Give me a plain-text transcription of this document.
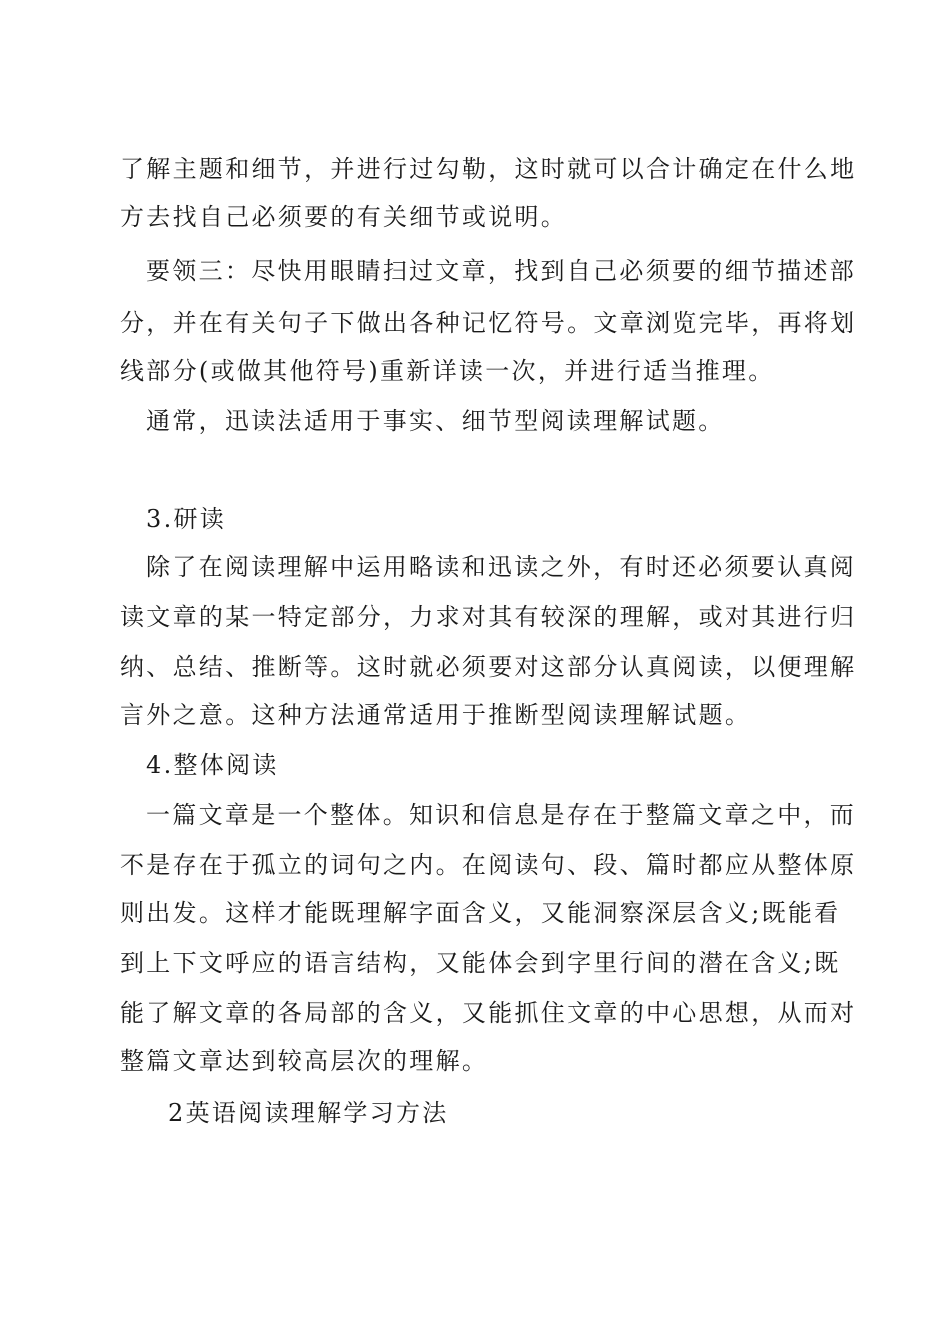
了解主题和细节，并进行过勾勒，这时就可以合计确定在什么地
方去找自己必须要的有关细节或说明。
要领三：尽快用眼睛扫过文章，找到自己必须要的细节描述部
分，并在有关句子下做出各种记忆符号。文章浏览完毕，再将划
线部分(或做其他符号)重新详读一次，并进行适当推理。
通常，迅读法适用于事实、细节型阅读理解试题。
3.研读
除了在阅读理解中运用略读和迅读之外，有时还必须要认真阅
读文章的某一特定部分，力求对其有较深的理解，或对其进行归
纳、总结、推断等。这时就必须要对这部分认真阅读，以便理解
言外之意。这种方法通常适用于推断型阅读理解试题。
4.整体阅读
一篇文章是一个整体。知识和信息是存在于整篇文章之中，而
不是存在于孤立的词句之内。在阅读句、段、篇时都应从整体原
则出发。这样才能既理解字面含义，又能洞察深层含义;既能看
到上下文呼应的语言结构，又能体会到字里行间的潜在含义;既
能了解文章的各局部的含义，又能抓住文章的中心思想，从而对
整篇文章达到较高层次的理解。
2英语阅读理解学习方法
